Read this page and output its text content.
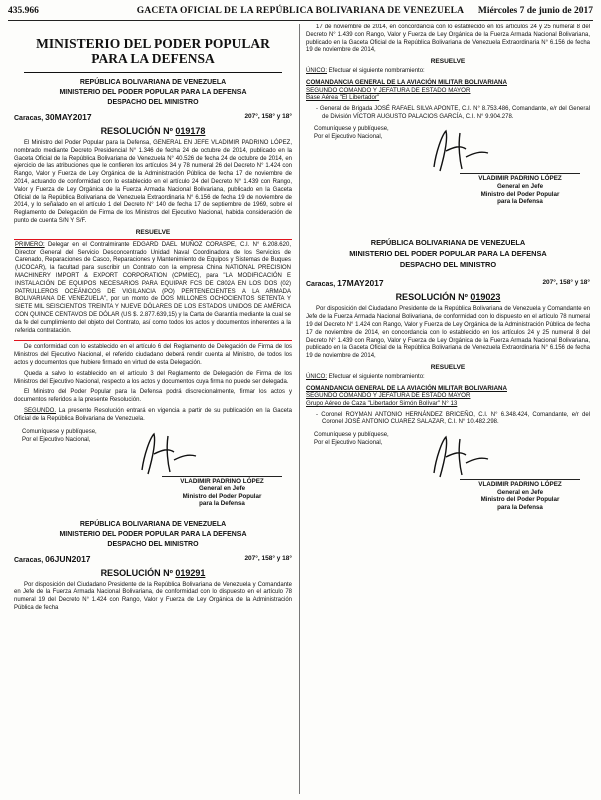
435.966	GACETA OFICIAL DE LA REPÚBLICA BOLIVARIANA DE VENEZUELA	Miércoles 7 de junio de 2017
MINISTERIO DEL PODER POPULAR
PARA LA DEFENSA
REPÚBLICA BOLIVARIANA DE VENEZUELA
MINISTERIO DEL PODER POPULAR PARA LA DEFENSA
DESPACHO DEL MINISTRO
Caracas, 30MAY2017	207°, 158° y 18°
RESOLUCIÓN Nº 019178

El Ministro del Poder Popular para la Defensa, GENERAL EN JEFE VLADIMIR PADRINO LÓPEZ, nombrado mediante Decreto Presidencial N° 1.346 de fecha 24 de octubre de 2014, publicado en la Gaceta Oficial de la República Bolivariana de Venezuela N° 40.526 de fecha 24 de octubre de 2014, en ejercicio de las atribuciones que le confieren los artículos 34 y 78 numeral 26 del Decreto N° 1.424 con Rango, Valor y Fuerza de Ley Orgánica de la Administración Pública de fecha 17 de noviembre de 2014, actuando de conformidad con lo establecido en el artículo 24 del Decreto N° 1.439 con Rango, Valor y Fuerza de Ley Orgánica de la Fuerza Armada Nacional Bolivariana, publicado en la Gaceta Oficial de la República Bolivariana de Venezuela Extraordinaria N° 6.156 de fecha 19 de noviembre de 2014, y lo señalado en el artículo 1 del Decreto N° 140 de fecha 17 de septiembre de 1969, sobre el Reglamento de Delegación de Firma de los Ministros del Ejecutivo Nacional, habida consideración de punto de cuenta S/N Y S/F.

RESUELVE

PRIMERO: Delegar en el Contralmirante EDGARD DAEL MUÑOZ CORASPE, C.I. N° 6.208.620, Director General del Servicio Desconcentrado Unidad Naval Coordinadora de los Servicios de Carenado, Reparaciones de Casco, Reparaciones y Mantenimiento de Equipos y Sistemas de Buques (UCOCAR), la facultad para suscribir un Contrato con la empresa China NATIONAL PRECISION MACHINERY IMPORT & EXPORT CORPORATION (CPMIEC), para "LA MODIFICACIÓN E INSTALACIÓN DE EQUIPOS NECESARIOS PARA EQUIPAR FCS DE C802A EN LOS DOS (02) PATRULLEROS OCEÁNICOS DE VIGILANCIA (PO) PERTENECIENTES A LA ARMADA BOLIVARIANA DE VENEZUELA", por un monto de DOS MILLONES OCHOCIENTOS SETENTA Y SIETE MIL SEISCIENTOS TREINTA Y NUEVE DÓLARES DE LOS ESTADOS UNIDOS DE AMÉRICA CON QUINCE CENTAVOS DE DÓLAR (US $. 2.877.639,15) y la Carta de Garantía mediante la cual se da fe del cumplimiento del objeto del Contrato, así como todos los actos y documentos inherentes a la referida contratación.

De conformidad con lo establecido en el artículo 6 del Reglamento de Delegación de Firma de los Ministros del Ejecutivo Nacional, el referido ciudadano deberá rendir cuenta al Ministro, de todos los actos y documentos que hubiere firmado en virtud de esta Delegación.

Queda a salvo lo establecido en el artículo 3 del Reglamento de Delegación de Firma de los Ministros del Ejecutivo Nacional, respecto a los actos y documentos cuya firma no puede ser delegada.

El Ministro del Poder Popular para la Defensa podrá discrecionalmente, firmar los actos y documentos referidos a la presente Resolución.

SEGUNDO. La presente Resolución entrará en vigencia a partir de su publicación en la Gaceta Oficial de la República Bolivariana de Venezuela.

Comuníquese y publíquese,
Por el Ejecutivo Nacional,
VLADIMIR PADRINO LÓPEZ
General en Jefe
Ministro del Poder Popular
para la Defensa
REPÚBLICA BOLIVARIANA DE VENEZUELA
MINISTERIO DEL PODER POPULAR PARA LA DEFENSA
DESPACHO DEL MINISTRO
Caracas, 06JUN2017	207°, 158° y 18°
RESOLUCIÓN Nº 019291

Por disposición del Ciudadano Presidente de la República Bolivariana de Venezuela y Comandante en Jefe de la Fuerza Armada Nacional Bolivariana, de conformidad con lo dispuesto en el artículo 78 numeral 19 del Decreto N° 1.424 con Rango, Valor y Fuerza de Ley Orgánica de la Administración Pública de fecha

17 de noviembre de 2014, en concordancia con lo establecido en los artículos 24 y 25 numeral 8 del Decreto N° 1.439 con Rango, Valor y Fuerza de Ley Orgánica de la Fuerza Armada Nacional Bolivariana, publicado en la Gaceta Oficial de la República Bolivariana de Venezuela Extraordinaria N° 6.156 de fecha 19 de noviembre de 2014,

RESUELVE

ÚNICO: Efectuar el siguiente nombramiento:

COMANDANCIA GENERAL DE LA AVIACIÓN MILITAR BOLIVARIANA
SEGUNDO COMANDO Y JEFATURA DE ESTADO MAYOR
Base Aérea "El Libertador"
- General de Brigada JOSÉ RAFAEL SILVA APONTE, C.I. N° 8.753.486, Comandante, e/r del General de División VÍCTOR AUGUSTO PALACIOS GARCÍA, C.I. N° 9.904.278.
Comuníquese y publíquese,
Por el Ejecutivo Nacional,
VLADIMIR PADRINO LÓPEZ
General en Jefe
Ministro del Poder Popular
para la Defensa
REPÚBLICA BOLIVARIANA DE VENEZUELA
MINISTERIO DEL PODER POPULAR PARA LA DEFENSA
DESPACHO DEL MINISTRO
Caracas, 17MAY2017	207°, 158° y 18°
RESOLUCIÓN Nº 019023

Por disposición del Ciudadano Presidente de la República Bolivariana de Venezuela y Comandante en Jefe de la Fuerza Armada Nacional Bolivariana, de conformidad con lo dispuesto en el artículo 78 numeral 19 del Decreto N° 1.424 con Rango, Valor y Fuerza de Ley Orgánica de la Administración Pública de fecha 17 de noviembre de 2014, en concordancia con lo establecido en los artículos 24 y 25 numeral 8 del Decreto N° 1.439 con Rango, Valor y Fuerza de Ley Orgánica de la Fuerza Armada Nacional Bolivariana, publicado en la Gaceta Oficial de la República Bolivariana de Venezuela Extraordinaria N° 6.156 de fecha 19 de noviembre de 2014,

RESUELVE

ÚNICO: Efectuar el siguiente nombramiento:

COMANDANCIA GENERAL DE LA AVIACIÓN MILITAR BOLIVARIANA
SEGUNDO COMANDO Y JEFATURA DE ESTADO MAYOR
Grupo Aéreo de Caza "Libertador Simón Bolívar" N° 13
- Coronel ROYMAN ANTONIO HERNÁNDEZ BRICEÑO, C.I. N° 6.348.424, Comandante, e/r del Coronel JOSÉ ANTONIO CUAREZ SALAZAR, C.I. N° 10.482.298.
Comuníquese y publíquese,
Por el Ejecutivo Nacional,
VLADIMIR PADRINO LÓPEZ
General en Jefe
Ministro del Poder Popular
para la Defensa
